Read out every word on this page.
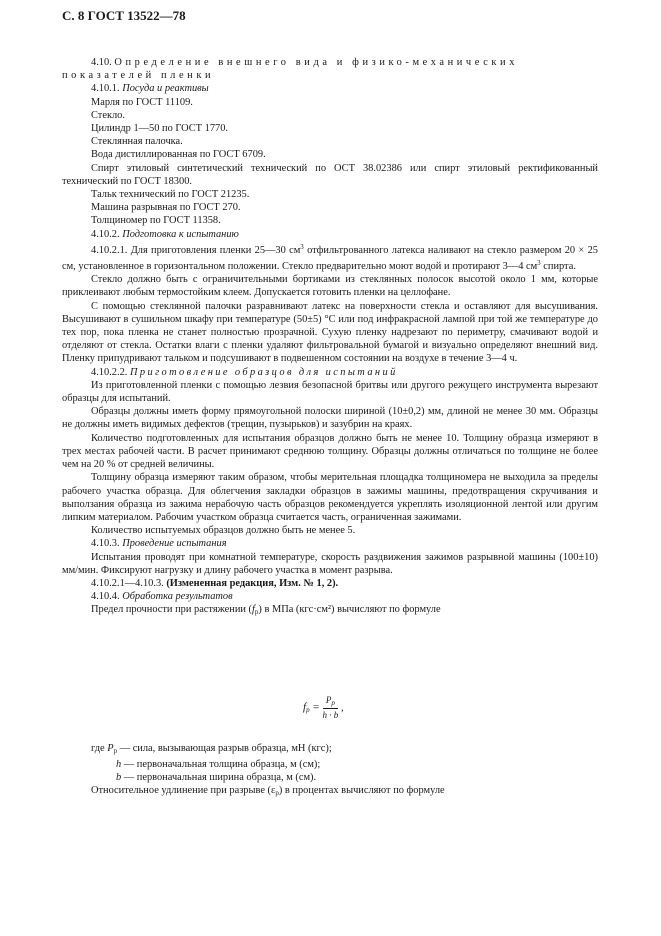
С. 8 ГОСТ 13522—78

4.10. Определение внешнего вида и физико-механических

показателей пленки

4.10.1. Посуда и реактивы

Марля по ГОСТ 11109.

Стекло.

Цилиндр 1—50 по ГОСТ 1770.

Стеклянная палочка.

Вода дистиллированная по ГОСТ 6709.

Спирт этиловый синтетический технический по ОСТ 38.02386 или спирт этиловый ректификованный технический по ГОСТ 18300.

Тальк технический по ГОСТ 21235.

Машина разрывная по ГОСТ 270.

Толщиномер по ГОСТ 11358.

4.10.2. Подготовка к испытанию

4.10.2.1. Для приготовления пленки 25—30 $см^3$ отфильтрованного латекса наливают на стекло размером 20 × 25 см, установленное в горизонтальном положении. Стекло предварительно моют водой и протирают 3—4 $см^3$ спирта.

Стекло должно быть с ограничительными бортиками из стеклянных полосок высотой около 1 мм, которые приклеивают любым термостойким клеем. Допускается готовить пленки на целлофане.

С помощью стеклянной палочки разравнивают латекс на поверхности стекла и оставляют для высушивания. Высушивают в сушильном шкафу при температуре (50±5) °С или под инфракрасной лампой при той же температуре до тех пор, пока пленка не станет полностью прозрачной. Сухую пленку надрезают по периметру, смачивают водой и отделяют от стекла. Остатки влаги с пленки удаляют фильтровальной бумагой и визуально определяют внешний вид. Пленку припудривают тальком и подсушивают в подвешенном состоянии на воздухе в течение 3—4 ч.

4.10.2.2. Приготовление образцов для испытаний

Из приготовленной пленки с помощью лезвия безопасной бритвы или другого режущего инструмента вырезают образцы для испытаний.

Образцы должны иметь форму прямоугольной полоски шириной (10±0,2) мм, длиной не менее 30 мм. Образцы не должны иметь видимых дефектов (трещин, пузырьков) и зазубрин на краях.

Количество подготовленных для испытания образцов должно быть не менее 10. Толщину образца измеряют в трех местах рабочей части. В расчет принимают среднюю толщину. Образцы должны отличаться по толщине не более чем на 20 % от средней величины.

Толщину образца измеряют таким образом, чтобы мерительная площадка толщиномера не выходила за пределы рабочего участка образца. Для облегчения закладки образцов в зажимы машины, предотвращения скручивания и выползания образца из зажима нерабочую часть образцов рекомендуется укреплять изоляционной лентой или другим липким материалом. Рабочим участком образца считается часть, ограниченная зажимами.

Количество испытуемых образцов должно быть не менее 5.

4.10.3. Проведение испытания

Испытания проводят при комнатной температуре, скорость раздвижения зажимов разрывной машины (100±10) мм/мин. Фиксируют нагрузку и длину рабочего участка в момент разрыва.

4.10.2.1—4.10.3. (Измененная редакция, Изм. № 1, 2).

4.10.4. Обработка результатов

Предел прочности при растяжении $(f_р)$ в МПа (кгс·см²) вычисляют по формуле

$f_р = \frac{P_р}{h \cdot b}$ ,

где $P_р$ — сила, вызывающая разрыв образца, мН (кгс);

h — первоначальная толщина образца, м (см);

b — первоначальная ширина образца, м (см).

Относительное удлинение при разрыве $(\varepsilon_р)$ в процентах вычисляют по формуле
